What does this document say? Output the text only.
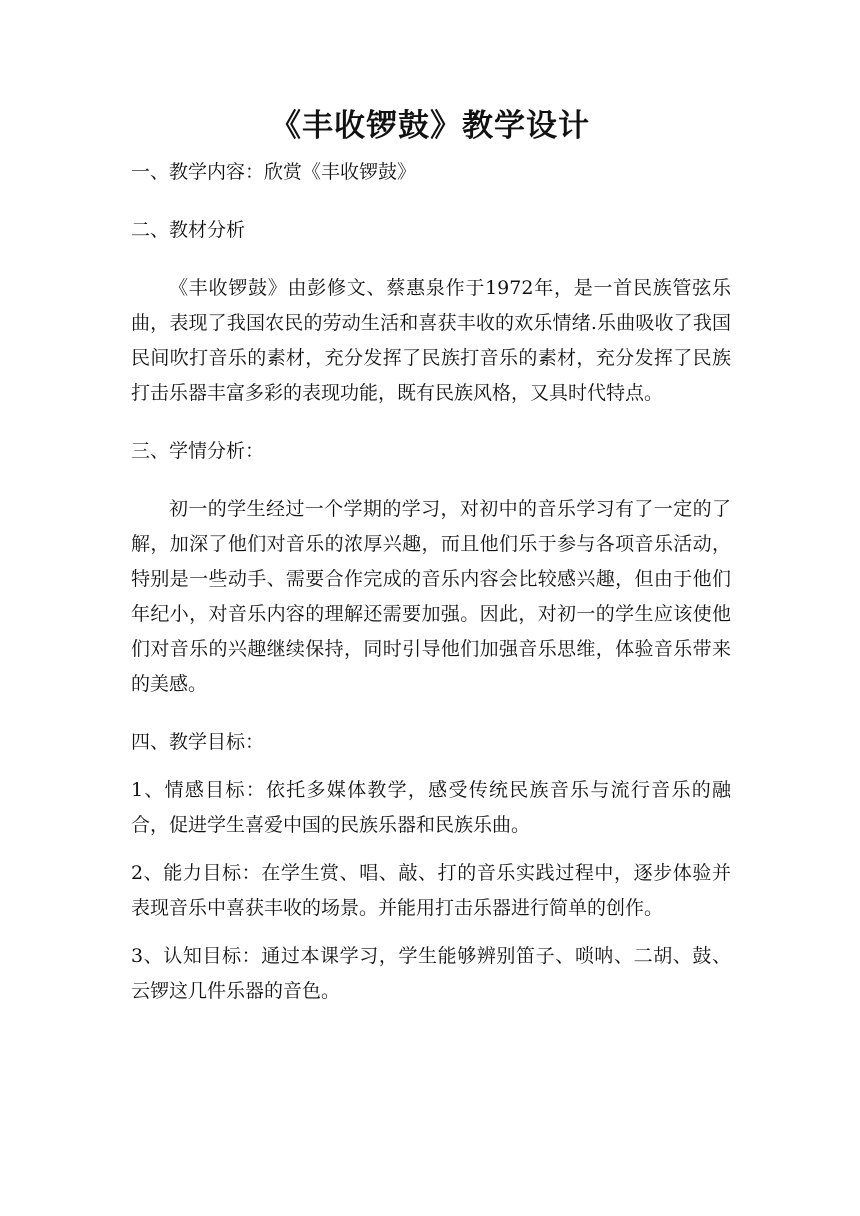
《丰收锣鼓》教学设计

一、教学内容：欣赏《丰收锣鼓》

二、教材分析

《丰收锣鼓》由彭修文、蔡惠泉作于1972年，是一首民族管弦乐曲，表现了我国农民的劳动生活和喜获丰收的欢乐情绪.乐曲吸收了我国民间吹打音乐的素材，充分发挥了民族打音乐的素材，充分发挥了民族打击乐器丰富多彩的表现功能，既有民族风格，又具时代特点。

三、学情分析：

初一的学生经过一个学期的学习，对初中的音乐学习有了一定的了解，加深了他们对音乐的浓厚兴趣，而且他们乐于参与各项音乐活动，特别是一些动手、需要合作完成的音乐内容会比较感兴趣，但由于他们年纪小，对音乐内容的理解还需要加强。因此，对初一的学生应该使他们对音乐的兴趣继续保持，同时引导他们加强音乐思维，体验音乐带来的美感。

四、教学目标：

1、情感目标：依托多媒体教学，感受传统民族音乐与流行音乐的融合，促进学生喜爱中国的民族乐器和民族乐曲。

2、能力目标：在学生赏、唱、敲、打的音乐实践过程中，逐步体验并表现音乐中喜获丰收的场景。并能用打击乐器进行简单的创作。

3、认知目标：通过本课学习，学生能够辨别笛子、唢呐、二胡、鼓、云锣这几件乐器的音色。
